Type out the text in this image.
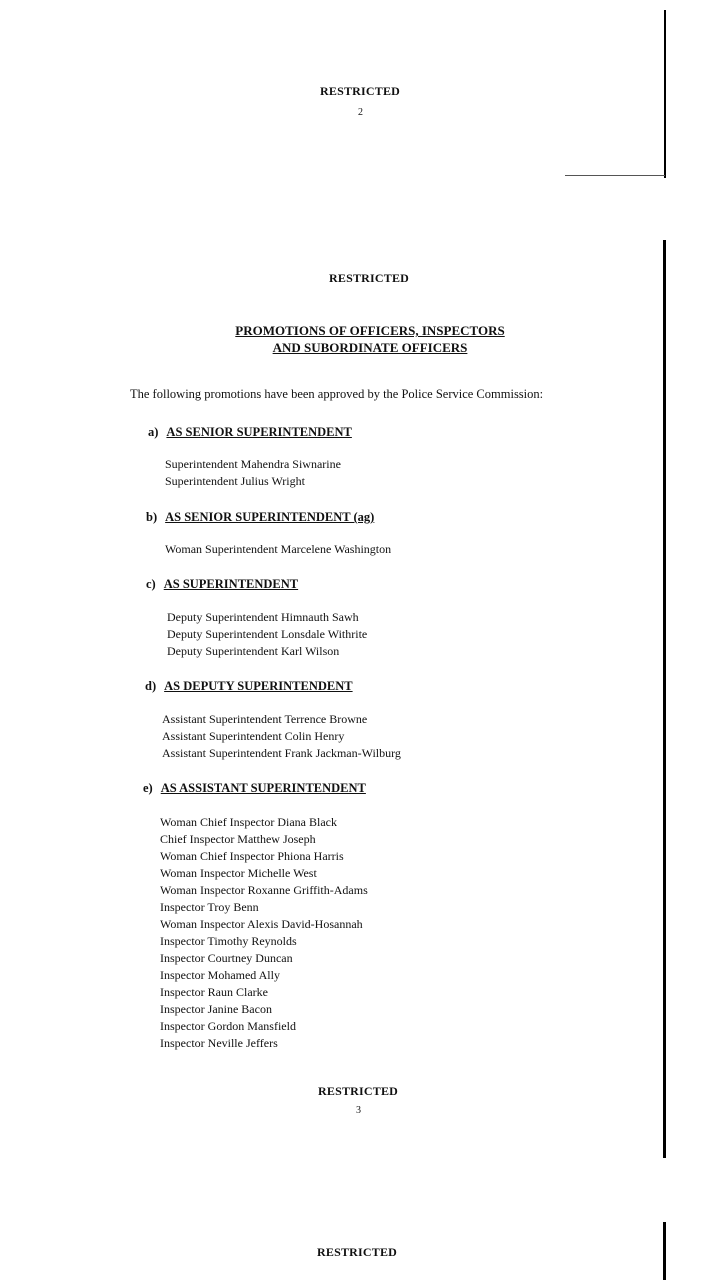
RESTRICTED
2
RESTRICTED
PROMOTIONS OF OFFICERS, INSPECTORS
AND SUBORDINATE OFFICERS
The following promotions have been approved by the Police Service Commission:
a) AS SENIOR SUPERINTENDENT
Superintendent Mahendra Siwnarine
Superintendent Julius Wright
b) AS SENIOR SUPERINTENDENT (ag)
Woman Superintendent Marcelene Washington
c) AS SUPERINTENDENT
Deputy Superintendent Himnauth Sawh
Deputy Superintendent Lonsdale Withrite
Deputy Superintendent Karl Wilson
d) AS DEPUTY SUPERINTENDENT
Assistant Superintendent Terrence Browne
Assistant Superintendent Colin Henry
Assistant Superintendent Frank Jackman-Wilburg
e) AS ASSISTANT SUPERINTENDENT
Woman Chief Inspector Diana Black
Chief Inspector Matthew Joseph
Woman Chief Inspector Phiona Harris
Woman Inspector Michelle West
Woman Inspector Roxanne Griffith-Adams
Inspector Troy Benn
Woman Inspector Alexis David-Hosannah
Inspector Timothy Reynolds
Inspector Courtney Duncan
Inspector Mohamed Ally
Inspector Raun Clarke
Inspector Janine Bacon
Inspector Gordon Mansfield
Inspector Neville Jeffers
RESTRICTED
3
RESTRICTED
